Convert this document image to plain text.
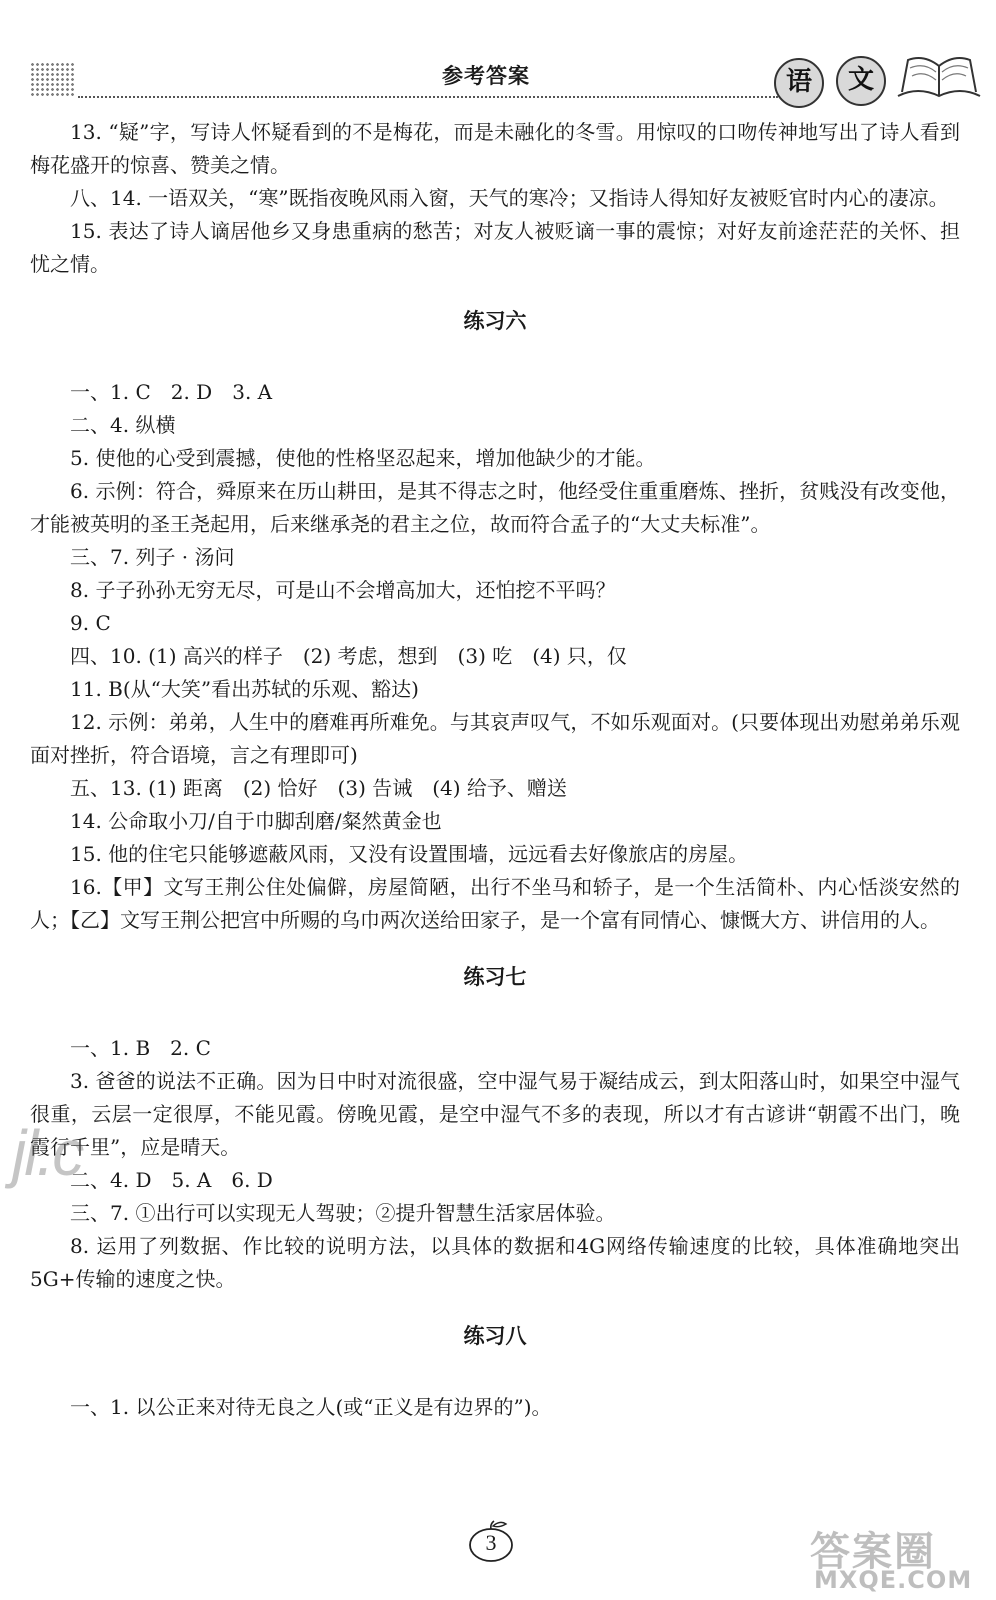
参考答案	语	文

13. “疑”字，写诗人怀疑看到的不是梅花，而是未融化的冬雪。用惊叹的口吻传神地写出了诗人看到梅花盛开的惊喜、赞美之情。

八、14. 一语双关，“寒”既指夜晚风雨入窗，天气的寒冷；又指诗人得知好友被贬官时内心的凄凉。

15. 表达了诗人谪居他乡又身患重病的愁苦；对友人被贬谪一事的震惊；对好友前途茫茫的关怀、担忧之情。

练习六

一、1. C　2. D　3. A

二、4. 纵横

5. 使他的心受到震撼，使他的性格坚忍起来，增加他缺少的才能。

6. 示例：符合，舜原来在历山耕田，是其不得志之时，他经受住重重磨炼、挫折，贫贱没有改变他，才能被英明的圣王尧起用，后来继承尧的君主之位，故而符合孟子的“大丈夫标准”。

三、7. 列子 · 汤问

8. 子子孙孙无穷无尽，可是山不会增高加大，还怕挖不平吗？

9. C

四、10. (1) 高兴的样子　(2) 考虑，想到　(3) 吃　(4) 只，仅

11. B(从“大笑”看出苏轼的乐观、豁达)

12. 示例：弟弟，人生中的磨难再所难免。与其哀声叹气，不如乐观面对。(只要体现出劝慰弟弟乐观面对挫折，符合语境，言之有理即可)

五、13. (1) 距离　(2) 恰好　(3) 告诫　(4) 给予、赠送

14. 公命取小刀/自于巾脚刮磨/粲然黄金也

15. 他的住宅只能够遮蔽风雨，又没有设置围墙，远远看去好像旅店的房屋。

16.【甲】文写王荆公住处偏僻，房屋简陋，出行不坐马和轿子，是一个生活简朴、内心恬淡安然的人；【乙】文写王荆公把宫中所赐的乌巾两次送给田家子，是一个富有同情心、慷慨大方、讲信用的人。

练习七

一、1. B　2. C

3. 爸爸的说法不正确。因为日中时对流很盛，空中湿气易于凝结成云，到太阳落山时，如果空中湿气很重，云层一定很厚，不能见霞。傍晚见霞，是空中湿气不多的表现，所以才有古谚讲“朝霞不出门，晚霞行千里”，应是晴天。

二、4. D　5. A　6. D

三、7. ①出行可以实现无人驾驶；②提升智慧生活家居体验。

8. 运用了列数据、作比较的说明方法，以具体的数据和4G网络传输速度的比较，具体准确地突出5G+传输的速度之快。

练习八

一、1. 以公正来对待无良之人(或“正义是有边界的”)。

jl.c
3	答案圈
MXQE.COM
